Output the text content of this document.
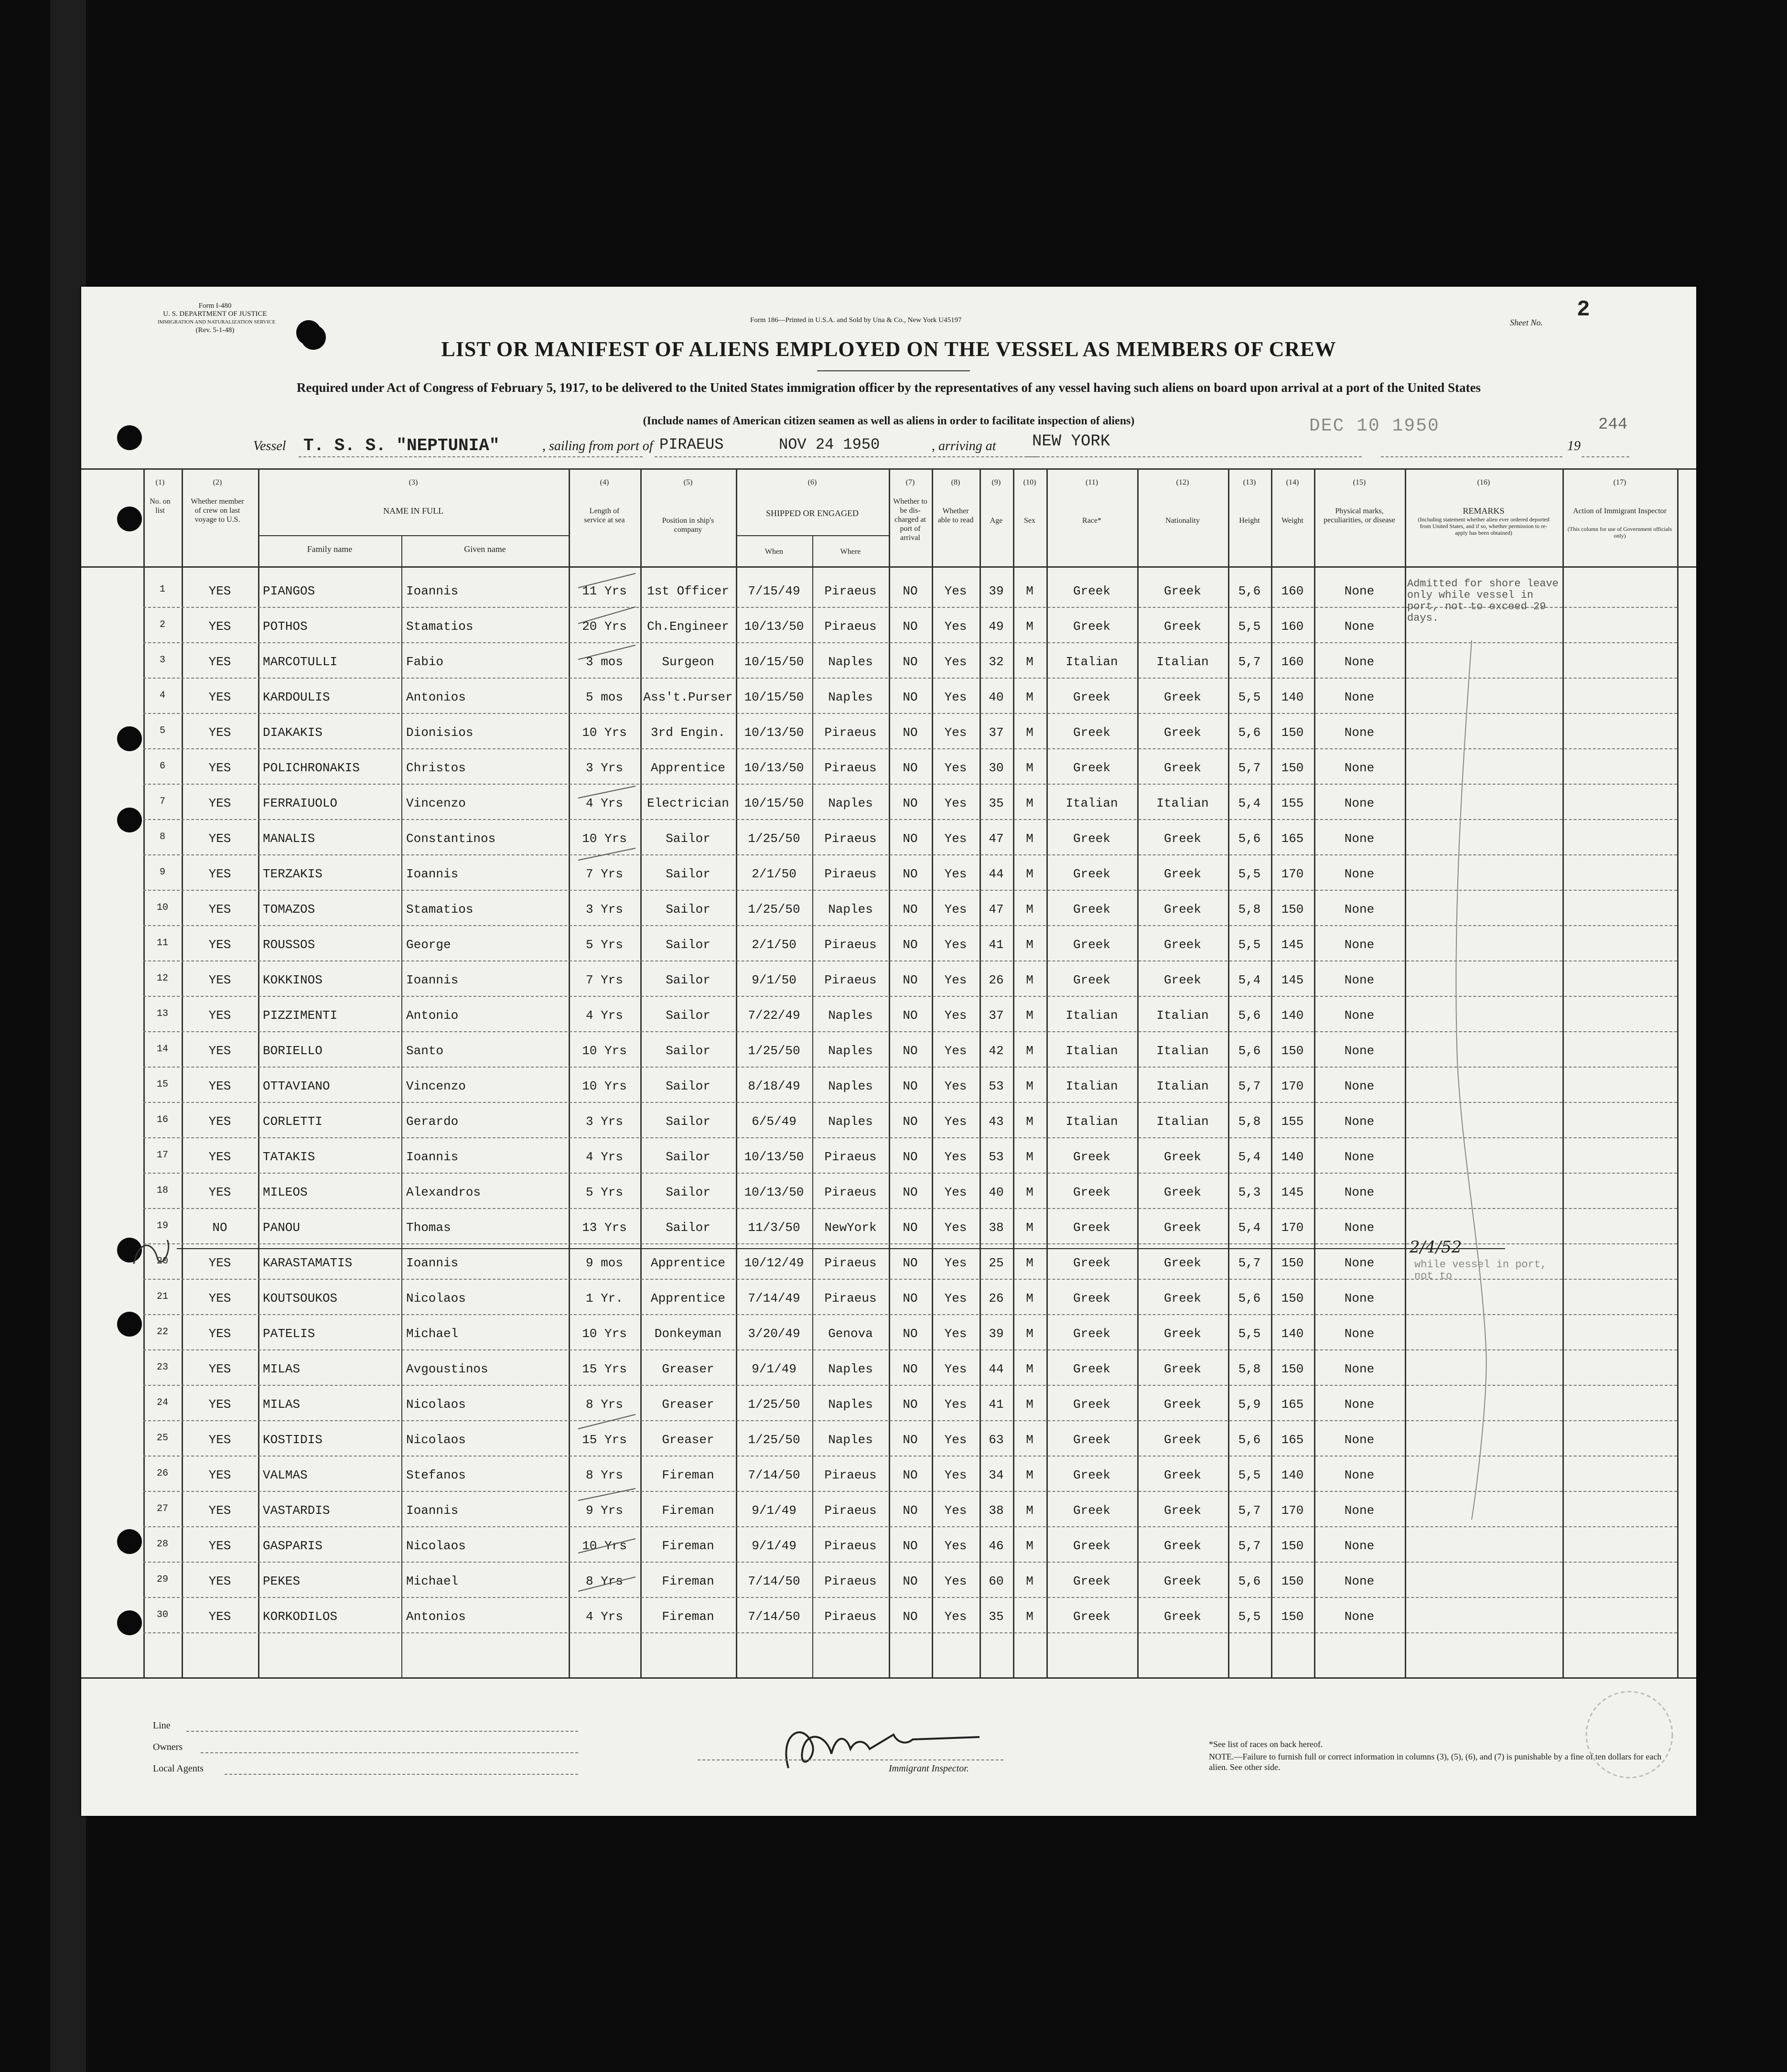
Form I-480
U. S. DEPARTMENT OF JUSTICE
IMMIGRATION AND NATURALIZATION SERVICE
(Rev. 5-1-48)
Form 186—Printed in U.S.A. and Sold by Una & Co., New York U45197	Sheet No.
2
LIST OR MANIFEST OF ALIENS EMPLOYED ON THE VESSEL AS MEMBERS OF CREW
Required under Act of Congress of February 5, 1917, to be delivered to the United States immigration officer by the representatives of any vessel having such aliens on board upon arrival at a port of the United States
(Include names of American citizen seamen as well as aliens in order to facilitate inspection of aliens)	DEC 10 1950	244
Vessel T. S. S. "NEPTUNIA"	, sailing from port of PIRAEUS	NOV 24 1950	, arriving at NEW YORK	19
(1)
No. on list
(2)
Whether member of crew on last voyage to U.S.
(3)
NAME IN FULL
Family name	Given name
(4)
Length of service at sea
(5)
Position in ship's company
(6)
SHIPPED OR ENGAGED
When	Where
(7)
Whether to be dis-charged at port of arrival
(8)
Whether able to read
(9)
Age
(10)
Sex
(11)
Race*
(12)
Nationality
(13)
Height
(14)
Weight
(15)
Physical marks, peculiarities, or disease
(16)
REMARKS
(Including statement whether alien ever ordered deported from United States, and if so, whether permission to re-apply has been obtained)
(17)
Action of Immigrant Inspector
(This column for use of Government officials only)
Admitted for shore leave only while vessel in port, not to exceed 29 days.
while vessel in port, not to
2/4/52
1	YES	PIANGOS	Ioannis	11 Yrs	1st Officer	7/15/49	Piraeus	NO	Yes	39	M	Greek	Greek	5,6	160	None
2	YES	POTHOS	Stamatios	20 Yrs	Ch.Engineer	10/13/50	Piraeus	NO	Yes	49	M	Greek	Greek	5,5	160	None
3	YES	MARCOTULLI	Fabio	3 mos	Surgeon	10/15/50	Naples	NO	Yes	32	M	Italian	Italian	5,7	160	None
4	YES	KARDOULIS	Antonios	5 mos	Ass't.Purser 10/15/50	Naples	NO	Yes	40	M	Greek	Greek	5,5	140	None
5	YES	DIAKAKIS	Dionisios	10 Yrs	3rd Engin.	10/13/50	Piraeus	NO	Yes	37	M	Greek	Greek	5,6	150	None
6	YES	POLICHRONAKIS	Christos	3 Yrs	Apprentice	10/13/50	Piraeus	NO	Yes	30	M	Greek	Greek	5,7	150	None
7	YES	FERRAIUOLO	Vincenzo	4 Yrs	Electrician	10/15/50	Naples	NO	Yes	35	M	Italian	Italian	5,4	155	None
8	YES	MANALIS	Constantinos	10 Yrs	Sailor	1/25/50	Piraeus	NO	Yes	47	M	Greek	Greek	5,6	165	None
9	YES	TERZAKIS	Ioannis	7 Yrs	Sailor	2/1/50	Piraeus	NO	Yes	44	M	Greek	Greek	5,5	170	None
10	YES	TOMAZOS	Stamatios	3 Yrs	Sailor	1/25/50	Naples	NO	Yes	47	M	Greek	Greek	5,8	150	None
11	YES	ROUSSOS	George	5 Yrs	Sailor	2/1/50	Piraeus	NO	Yes	41	M	Greek	Greek	5,5	145	None
12	YES	KOKKINOS	Ioannis	7 Yrs	Sailor	9/1/50	Piraeus	NO	Yes	26	M	Greek	Greek	5,4	145	None
13	YES	PIZZIMENTI	Antonio	4 Yrs	Sailor	7/22/49	Naples	NO	Yes	37	M	Italian	Italian	5,6	140	None
14	YES	BORIELLO	Santo	10 Yrs	Sailor	1/25/50	Naples	NO	Yes	42	M	Italian	Italian	5,6	150	None
15	YES	OTTAVIANO	Vincenzo	10 Yrs	Sailor	8/18/49	Naples	NO	Yes	53	M	Italian	Italian	5,7	170	None
16	YES	CORLETTI	Gerardo	3 Yrs	Sailor	6/5/49	Naples	NO	Yes	43	M	Italian	Italian	5,8	155	None
17	YES	TATAKIS	Ioannis	4 Yrs	Sailor	10/13/50	Piraeus	NO	Yes	53	M	Greek	Greek	5,4	140	None
18	YES	MILEOS	Alexandros	5 Yrs	Sailor	10/13/50	Piraeus	NO	Yes	40	M	Greek	Greek	5,3	145	None
19	NO	PANOU	Thomas	13 Yrs	Sailor	11/3/50	NewYork	NO	Yes	38	M	Greek	Greek	5,4	170	None
20	YES	KARASTAMATIS	Ioannis	9 mos	Apprentice	10/12/49	Piraeus	NO	Yes	25	M	Greek	Greek	5,7	150	None
21	YES	KOUTSOUKOS	Nicolaos	1 Yr.	Apprentice	7/14/49	Piraeus	NO	Yes	26	M	Greek	Greek	5,6	150	None
22	YES	PATELIS	Michael	10 Yrs	Donkeyman	3/20/49	Genova	NO	Yes	39	M	Greek	Greek	5,5	140	None
23	YES	MILAS	Avgoustinos	15 Yrs	Greaser	9/1/49	Naples	NO	Yes	44	M	Greek	Greek	5,8	150	None
24	YES	MILAS	Nicolaos	8 Yrs	Greaser	1/25/50	Naples	NO	Yes	41	M	Greek	Greek	5,9	165	None
25	YES	KOSTIDIS	Nicolaos	15 Yrs	Greaser	1/25/50	Naples	NO	Yes	63	M	Greek	Greek	5,6	165	None
26	YES	VALMAS	Stefanos	8 Yrs	Fireman	7/14/50	Piraeus	NO	Yes	34	M	Greek	Greek	5,5	140	None
27	YES	VASTARDIS	Ioannis	9 Yrs	Fireman	9/1/49	Piraeus	NO	Yes	38	M	Greek	Greek	5,7	170	None
28	YES	GASPARIS	Nicolaos	10 Yrs	Fireman	9/1/49	Piraeus	NO	Yes	46	M	Greek	Greek	5,7	150	None
29	YES	PEKES	Michael	8 Yrs	Fireman	7/14/50	Piraeus	NO	Yes	60	M	Greek	Greek	5,6	150	None
30	YES	KORKODILOS	Antonios	4 Yrs	Fireman	7/14/50	Piraeus	NO	Yes	35	M	Greek	Greek	5,5	150	None
Line
Owners
Local Agents	Immigrant Inspector.
*See list of races on back hereof.
NOTE.—Failure to furnish full or correct information in columns (3), (5), (6), and (7) is punishable by a fine of ten dollars for each alien. See other side.
